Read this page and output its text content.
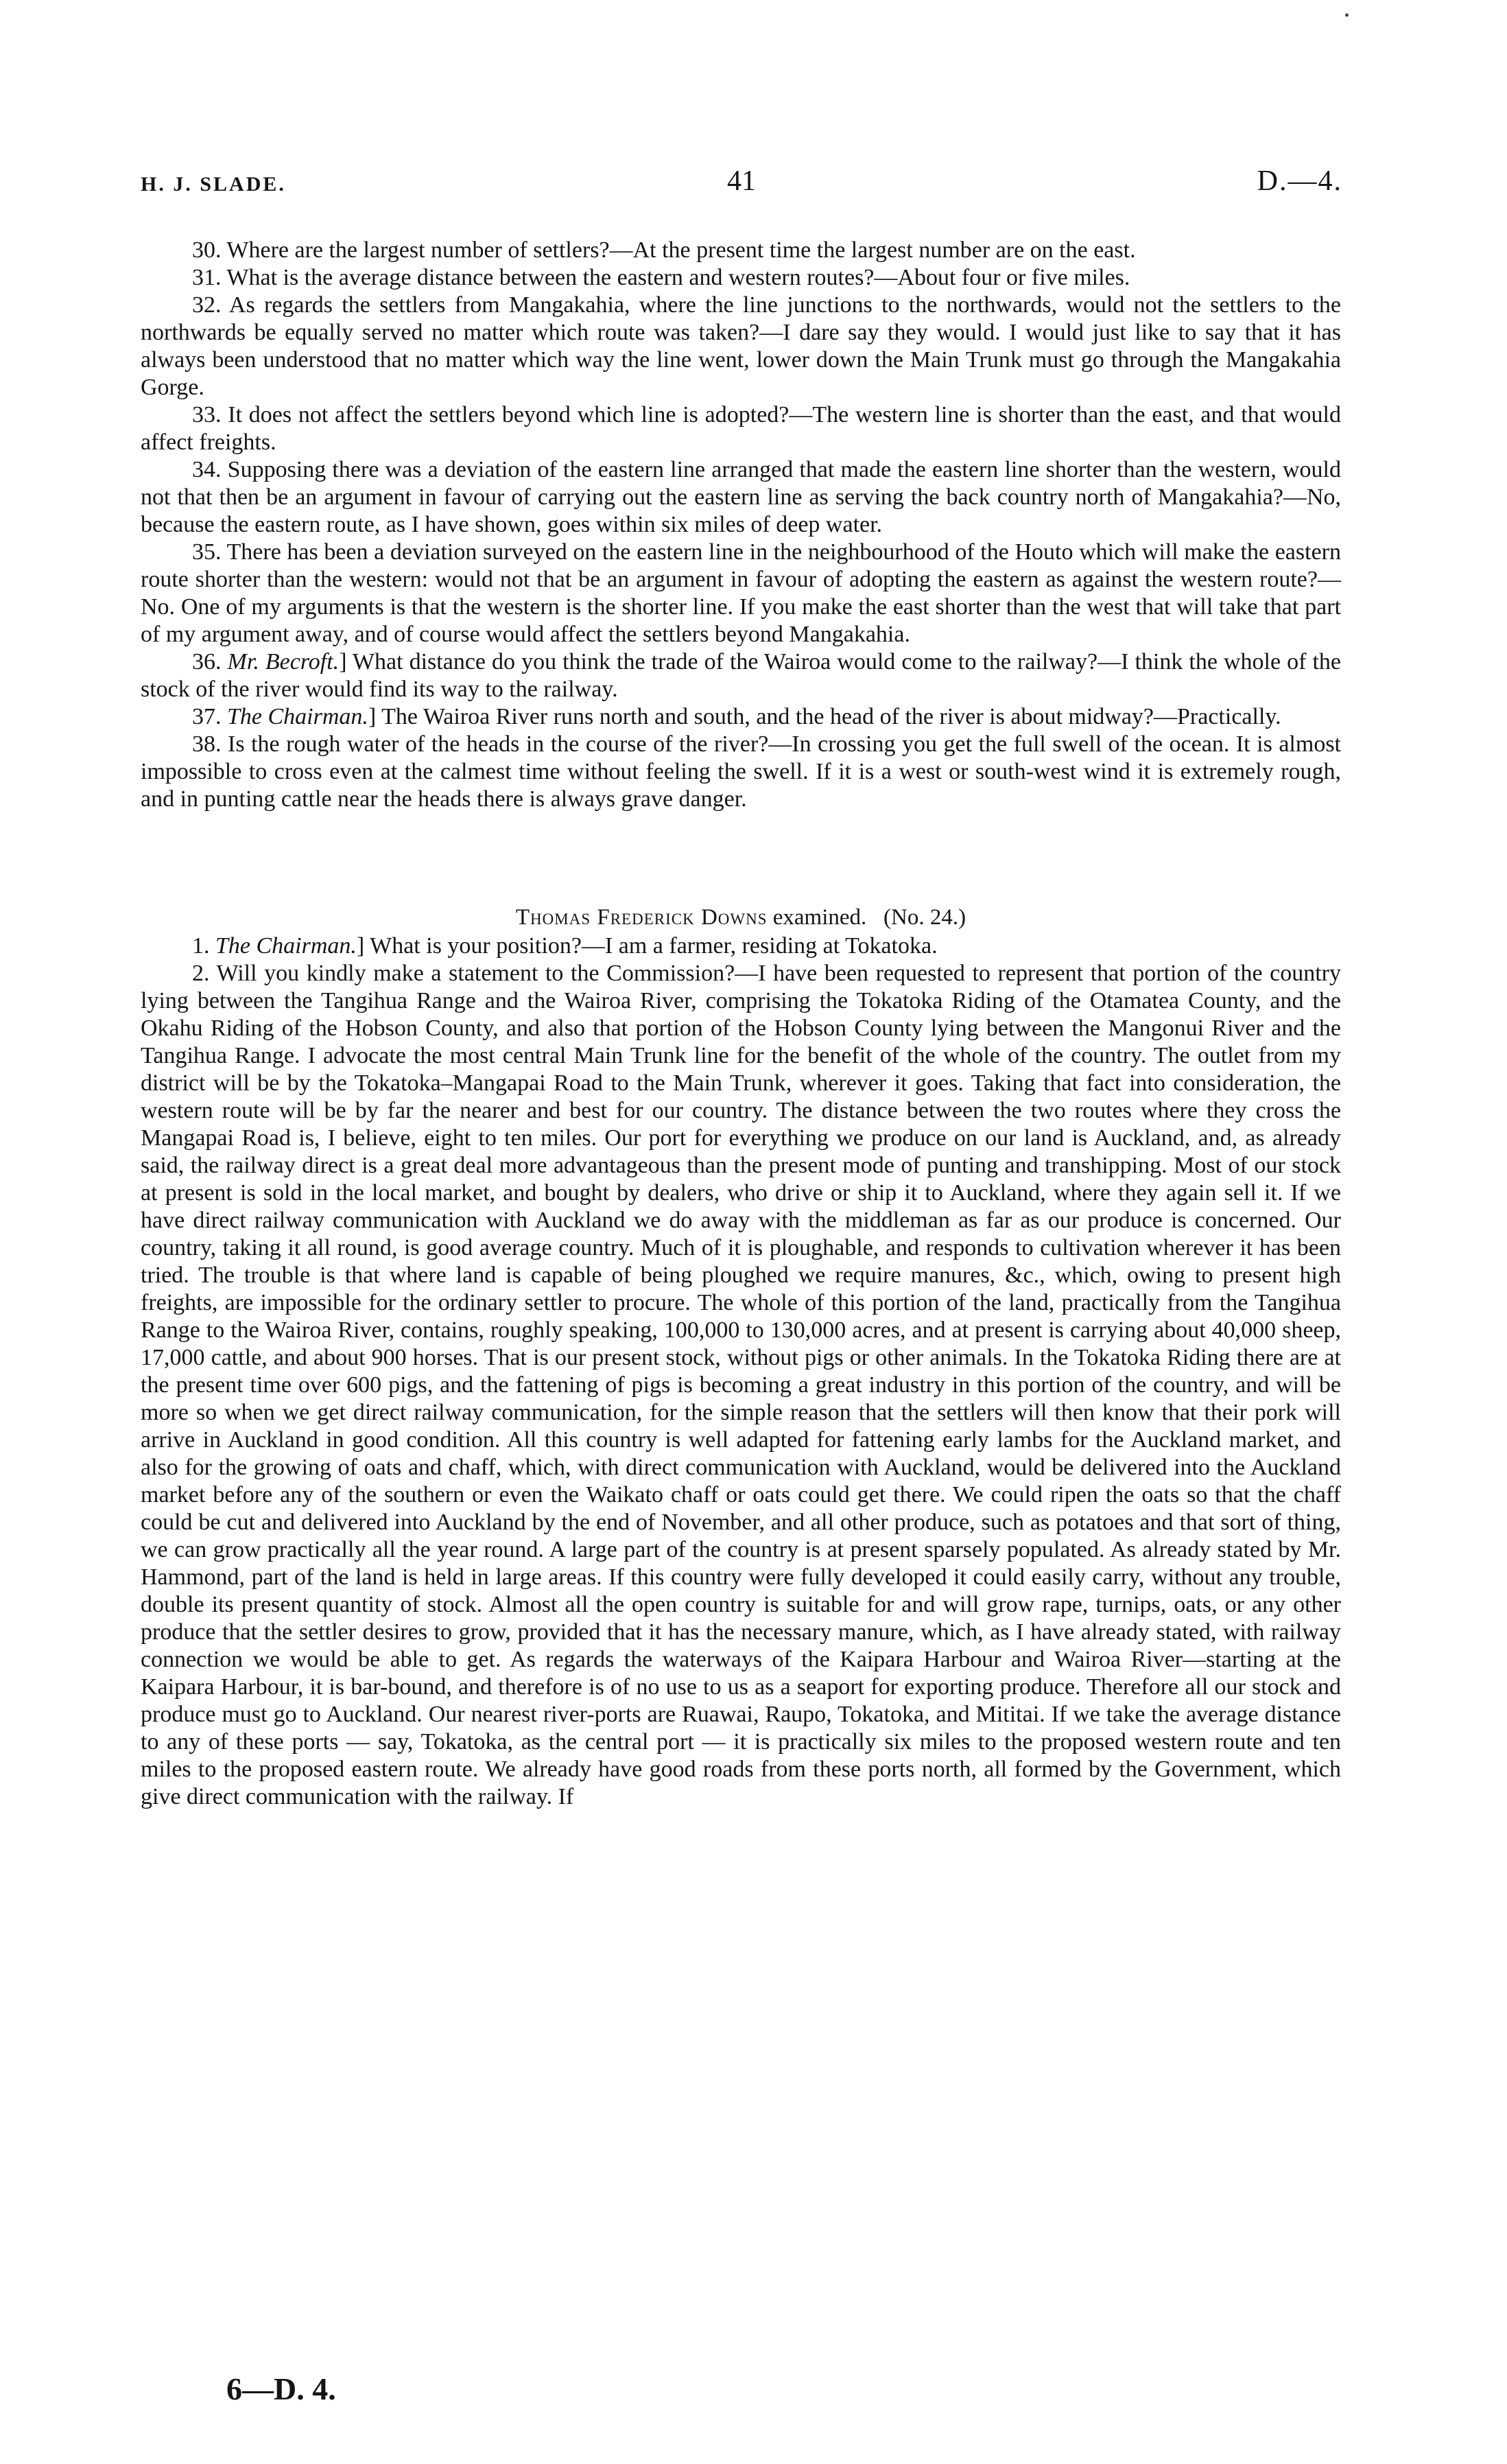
•
H. J. SLADE.	41	D.—4.

30. Where are the largest number of settlers?—At the present time the largest number are on the east.

31. What is the average distance between the eastern and western routes?—About four or five miles.

32. As regards the settlers from Mangakahia, where the line junctions to the northwards, would not the settlers to the northwards be equally served no matter which route was taken?—I dare say they would. I would just like to say that it has always been understood that no matter which way the line went, lower down the Main Trunk must go through the Mangakahia Gorge.

33. It does not affect the settlers beyond which line is adopted?—The western line is shorter than the east, and that would affect freights.

34. Supposing there was a deviation of the eastern line arranged that made the eastern line shorter than the western, would not that then be an argument in favour of carrying out the eastern line as serving the back country north of Mangakahia?—No, because the eastern route, as I have shown, goes within six miles of deep water.

35. There has been a deviation surveyed on the eastern line in the neighbourhood of the Houto which will make the eastern route shorter than the western: would not that be an argument in favour of adopting the eastern as against the western route?—No. One of my arguments is that the western is the shorter line. If you make the east shorter than the west that will take that part of my argument away, and of course would affect the settlers beyond Mangakahia.

36. Mr. Becroft.] What distance do you think the trade of the Wairoa would come to the railway?—I think the whole of the stock of the river would find its way to the railway.

37. The Chairman.] The Wairoa River runs north and south, and the head of the river is about midway?—Practically.

38. Is the rough water of the heads in the course of the river?—In crossing you get the full swell of the ocean. It is almost impossible to cross even at the calmest time without feeling the swell. If it is a west or south-west wind it is extremely rough, and in punting cattle near the heads there is always grave danger.

Thomas Frederick Downs examined. (No. 24.)

1. The Chairman.] What is your position?—I am a farmer, residing at Tokatoka.

2. Will you kindly make a statement to the Commission?—I have been requested to represent that portion of the country lying between the Tangihua Range and the Wairoa River, comprising the Tokatoka Riding of the Otamatea County, and the Okahu Riding of the Hobson County, and also that portion of the Hobson County lying between the Mangonui River and the Tangihua Range. I advocate the most central Main Trunk line for the benefit of the whole of the country. The outlet from my district will be by the Tokatoka–Mangapai Road to the Main Trunk, wherever it goes. Taking that fact into consideration, the western route will be by far the nearer and best for our country. The distance between the two routes where they cross the Mangapai Road is, I believe, eight to ten miles. Our port for everything we produce on our land is Auckland, and, as already said, the railway direct is a great deal more advantageous than the present mode of punting and transhipping. Most of our stock at present is sold in the local market, and bought by dealers, who drive or ship it to Auckland, where they again sell it. If we have direct railway communication with Auckland we do away with the middleman as far as our produce is concerned. Our country, taking it all round, is good average country. Much of it is ploughable, and responds to cultivation wherever it has been tried. The trouble is that where land is capable of being ploughed we require manures, &c., which, owing to present high freights, are impossible for the ordinary settler to procure. The whole of this portion of the land, practically from the Tangihua Range to the Wairoa River, contains, roughly speaking, 100,000 to 130,000 acres, and at present is carrying about 40,000 sheep, 17,000 cattle, and about 900 horses. That is our present stock, without pigs or other animals. In the Tokatoka Riding there are at the present time over 600 pigs, and the fattening of pigs is becoming a great industry in this portion of the country, and will be more so when we get direct railway communication, for the simple reason that the settlers will then know that their pork will arrive in Auckland in good condition. All this country is well adapted for fattening early lambs for the Auckland market, and also for the growing of oats and chaff, which, with direct communication with Auckland, would be delivered into the Auckland market before any of the southern or even the Waikato chaff or oats could get there. We could ripen the oats so that the chaff could be cut and delivered into Auckland by the end of November, and all other produce, such as potatoes and that sort of thing, we can grow practically all the year round. A large part of the country is at present sparsely populated. As already stated by Mr. Hammond, part of the land is held in large areas. If this country were fully developed it could easily carry, without any trouble, double its present quantity of stock. Almost all the open country is suitable for and will grow rape, turnips, oats, or any other produce that the settler desires to grow, provided that it has the necessary manure, which, as I have already stated, with railway connection we would be able to get. As regards the waterways of the Kaipara Harbour and Wairoa River—starting at the Kaipara Harbour, it is bar-bound, and therefore is of no use to us as a seaport for exporting produce. Therefore all our stock and produce must go to Auckland. Our nearest river-ports are Ruawai, Raupo, Tokatoka, and Mititai. If we take the average distance to any of these ports — say, Tokatoka, as the central port — it is practically six miles to the proposed western route and ten miles to the proposed eastern route. We already have good roads from these ports north, all formed by the Government, which give direct communication with the railway. If

6—D. 4.
